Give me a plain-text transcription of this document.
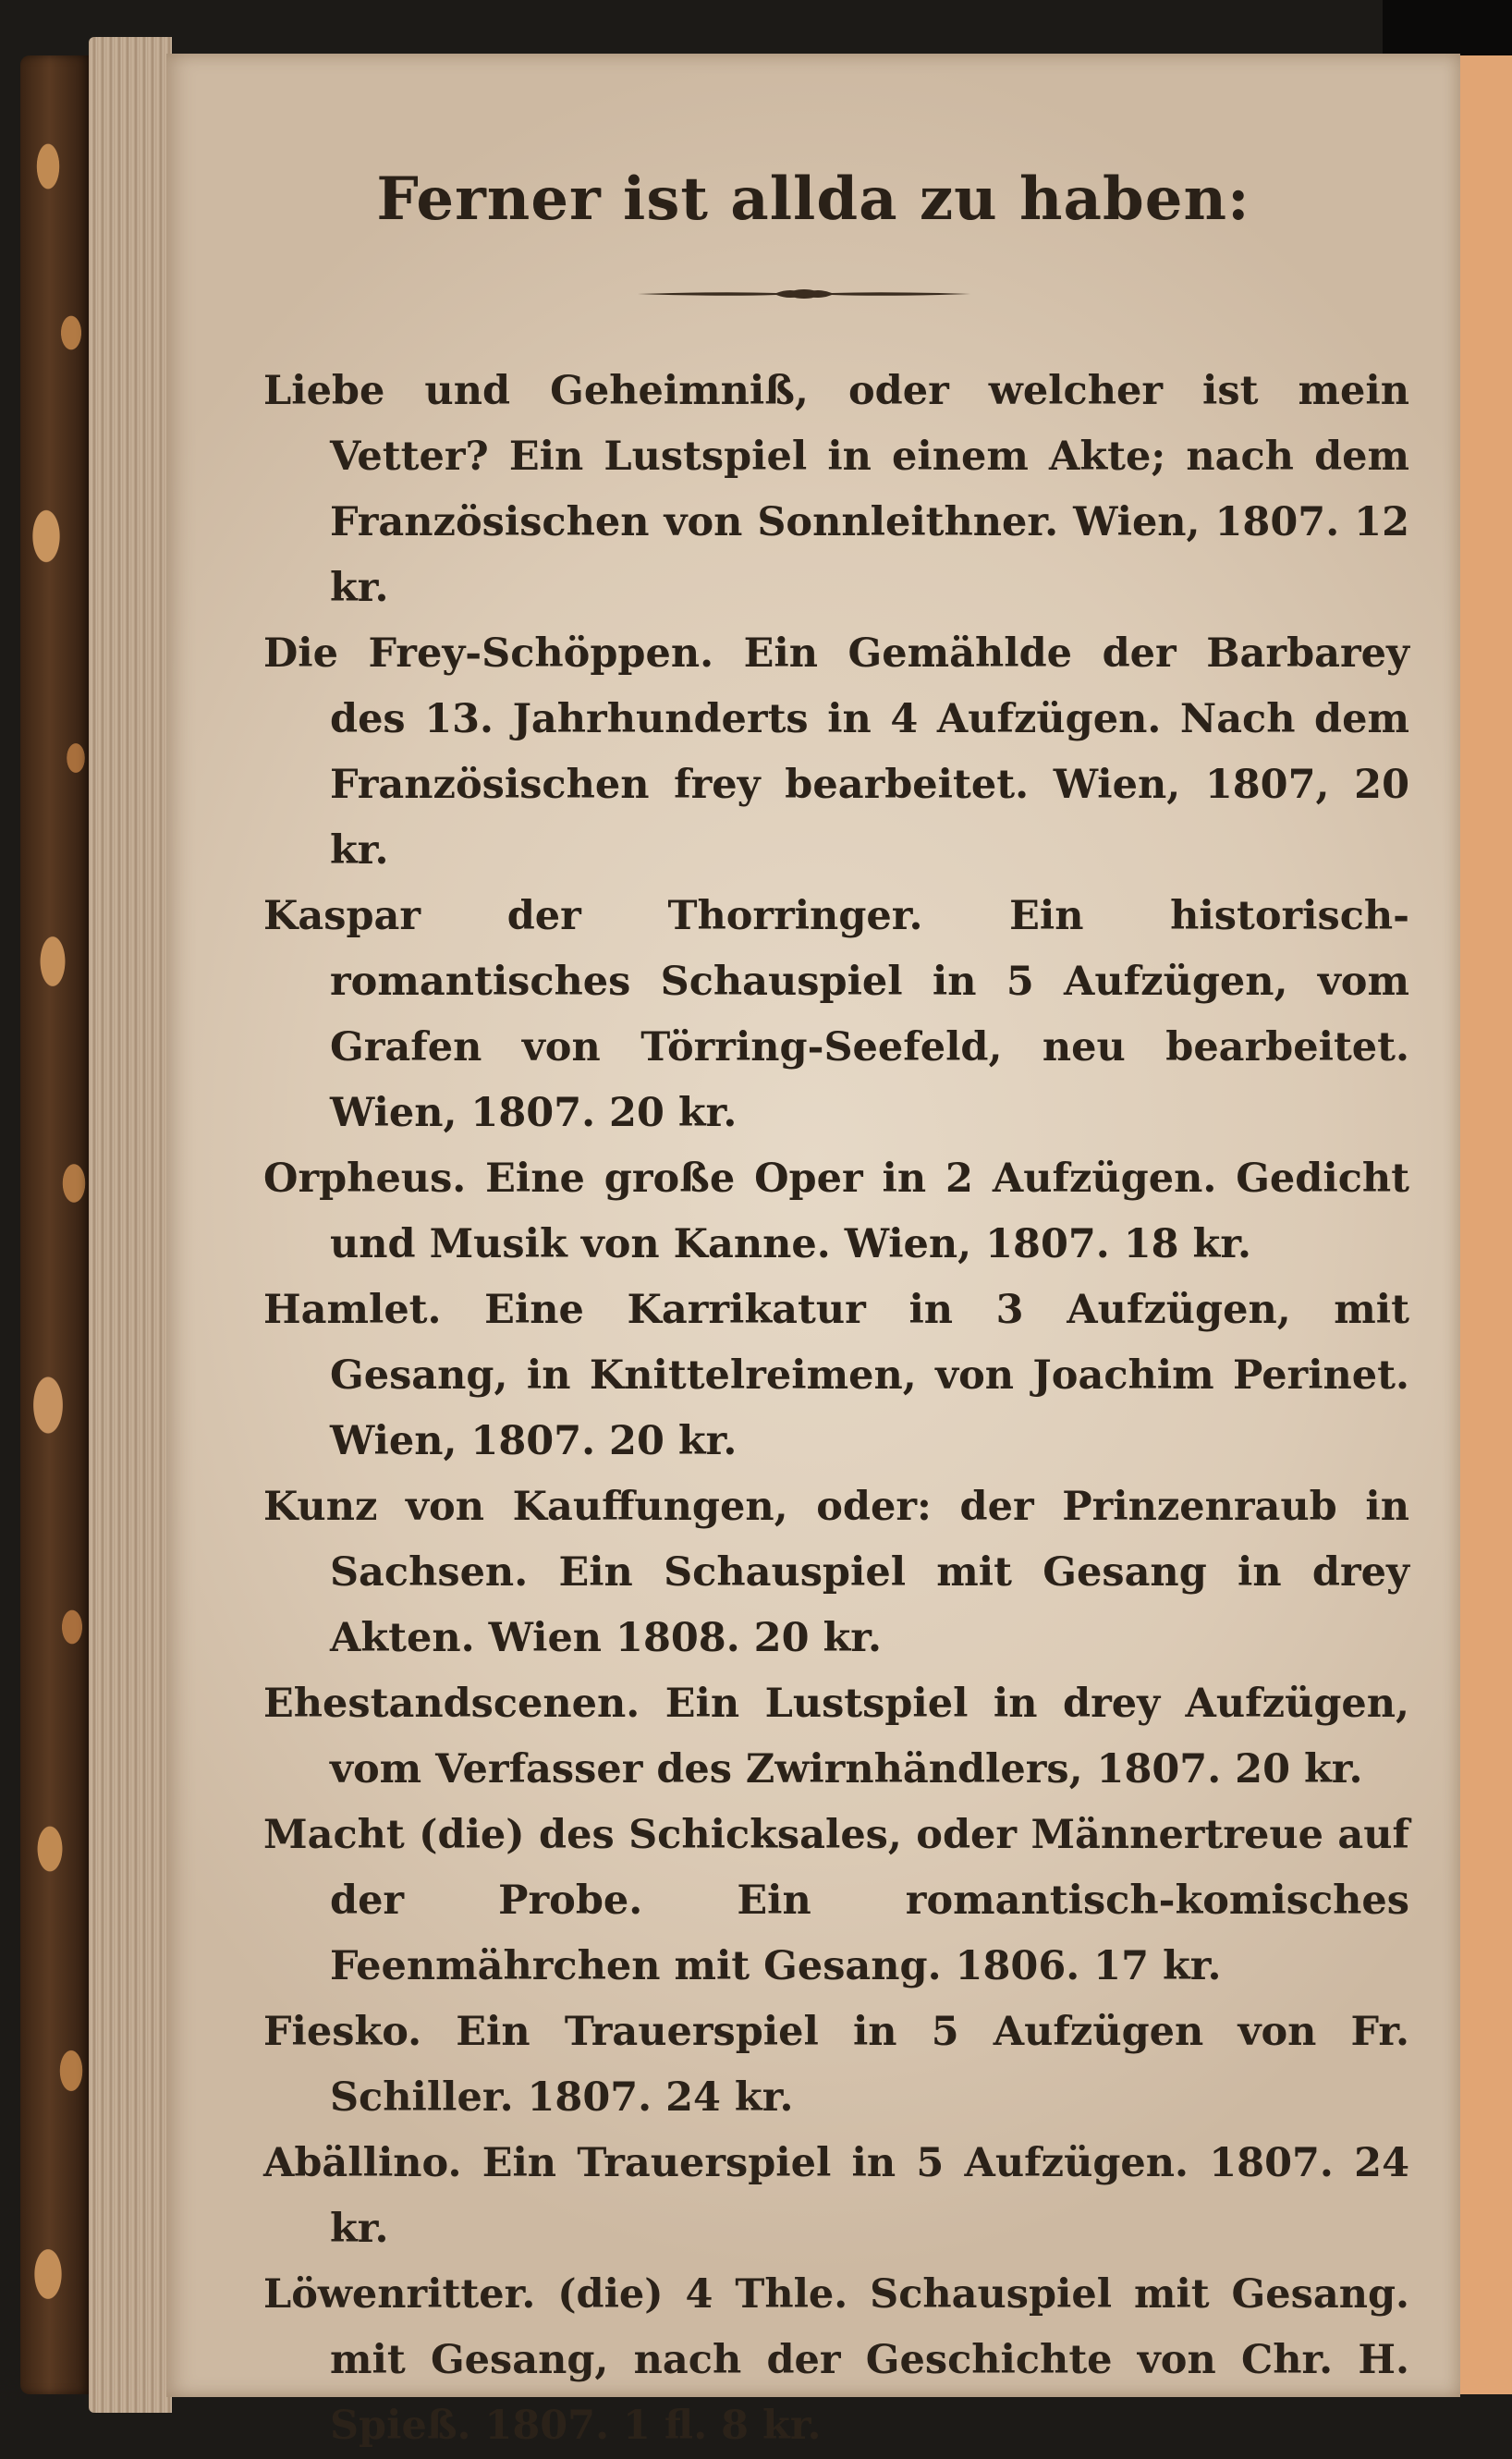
Ferner ist allda zu haben:

Liebe und Geheimniß, oder welcher ist mein Vetter? Ein Lustspiel in einem Akte; nach dem Französischen von Sonnleithner. Wien, 1807. 12 kr.

Die Frey-Schöppen. Ein Gemählde der Barbarey des 13. Jahrhunderts in 4 Aufzügen. Nach dem Französischen frey bearbeitet. Wien, 1807, 20 kr.

Kaspar der Thorringer. Ein historisch-romantisches Schauspiel in 5 Aufzügen, vom Grafen von Törring-Seefeld, neu bearbeitet. Wien, 1807. 20 kr.

Orpheus. Eine große Oper in 2 Aufzügen. Gedicht und Musik von Kanne. Wien, 1807. 18 kr.

Hamlet. Eine Karrikatur in 3 Aufzügen, mit Gesang, in Knittelreimen, von Joachim Perinet. Wien, 1807. 20 kr.

Kunz von Kauffungen, oder: der Prinzenraub in Sachsen. Ein Schauspiel mit Gesang in drey Akten. Wien 1808. 20 kr.

Ehestandscenen. Ein Lustspiel in drey Aufzügen, vom Verfasser des Zwirnhändlers, 1807. 20 kr.

Macht (die) des Schicksales, oder Männertreue auf der Probe. Ein romantisch-komisches Feenmährchen mit Gesang. 1806. 17 kr.

Fiesko. Ein Trauerspiel in 5 Aufzügen von Fr. Schiller. 1807. 24 kr.

Abällino. Ein Trauerspiel in 5 Aufzügen. 1807. 24 kr.

Löwenritter. (die) 4 Thle. Schauspiel mit Gesang. mit Gesang, nach der Geschichte von Chr. H. Spieß. 1807. 1 fl. 8 kr.
